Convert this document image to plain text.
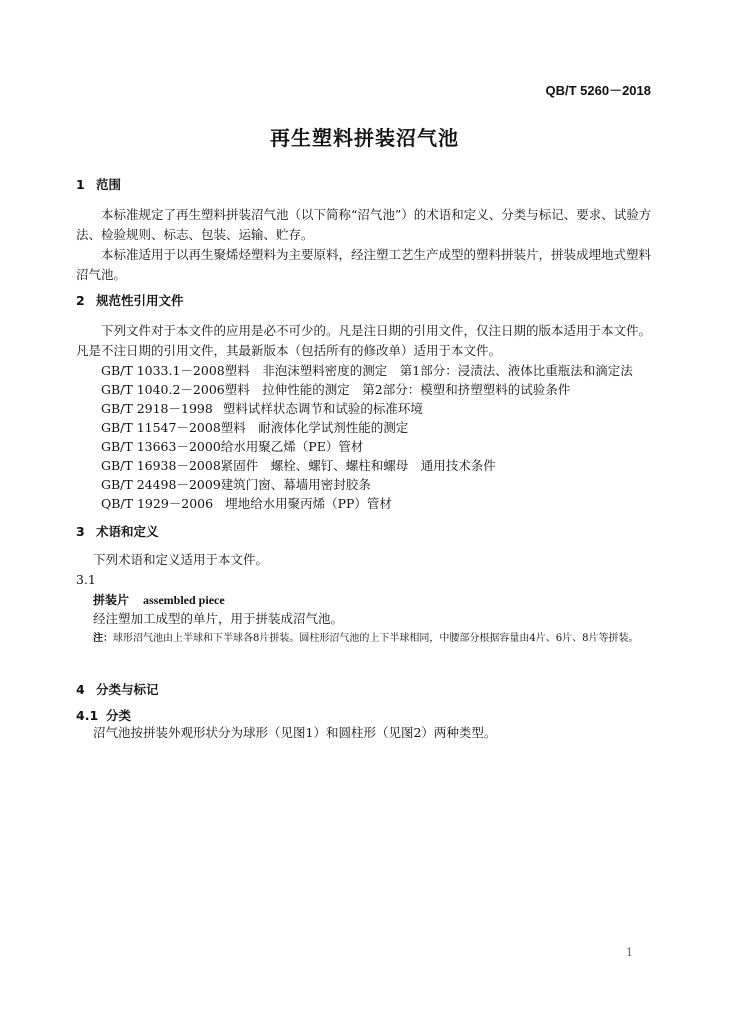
QB/T 5260－2018
再生塑料拼装沼气池
1 范围
本标准规定了再生塑料拼装沼气池（以下简称“沼气池”）的术语和定义、分类与标记、要求、试验方法、检验规则、标志、包装、运输、贮存。
本标准适用于以再生聚烯烃塑料为主要原料，经注塑工艺生产成型的塑料拼装片，拼装成埋地式塑料沼气池。
2 规范性引用文件
下列文件对于本文件的应用是必不可少的。凡是注日期的引用文件，仅注日期的版本适用于本文件。凡是不注日期的引用文件，其最新版本（包括所有的修改单）适用于本文件。
GB/T 1033.1－2008塑料　非泡沫塑料密度的测定　第1部分：浸渍法、液体比重瓶法和滴定法
GB/T 1040.2－2006塑料　拉伸性能的测定　第2部分：模塑和挤塑塑料的试验条件
GB/T 2918－1998 塑料试样状态调节和试验的标准环境
GB/T 11547－2008塑料　耐液体化学试剂性能的测定
GB/T 13663－2000给水用聚乙烯（PE）管材
GB/T 16938－2008紧固件　螺栓、螺钉、螺柱和螺母　通用技术条件
GB/T 24498－2009建筑门窗、幕墙用密封胶条
QB/T 1929－2006 埋地给水用聚丙烯（PP）管材
3 术语和定义
下列术语和定义适用于本文件。
3.1
拼装片 assembled piece
经注塑加工成型的单片，用于拼装成沼气池。
注： 球形沼气池由上半球和下半球各8片拼装。圆柱形沼气池的上下半球相同，中腰部分根据容量由4片、6片、8片等拼装。
4 分类与标记
4.1 分类
沼气池按拼装外观形状分为球形（见图1）和圆柱形（见图2）两种类型。
1
